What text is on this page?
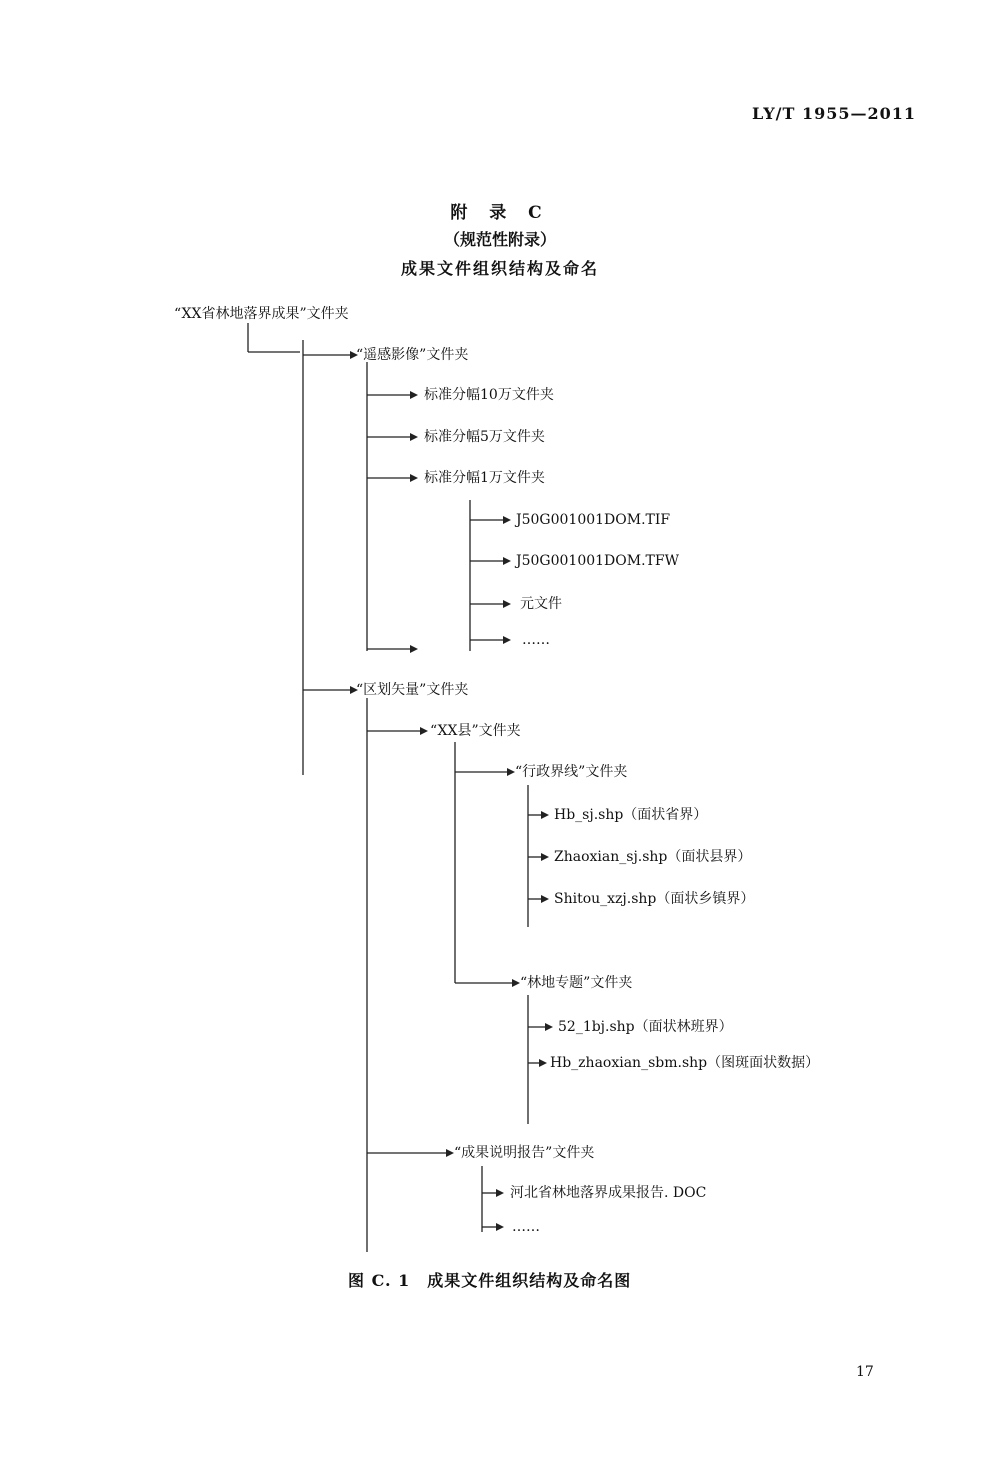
LY/T 1955—2011
附 录 C
（规范性附录）
成果文件组织结构及命名
“XX省林地落界成果”文件夹
“遥感影像”文件夹
标准分幅10万文件夹
标准分幅5万文件夹
标准分幅1万文件夹
J50G001001DOM.TIF
J50G001001DOM.TFW
元文件
……
“区划矢量”文件夹
“XX县”文件夹
“行政界线”文件夹
Hb_sj.shp（面状省界）
Zhaoxian_sj.shp（面状县界）
Shitou_xzj.shp（面状乡镇界）
“林地专题”文件夹
52_1bj.shp（面状林班界）
Hb_zhaoxian_sbm.shp（图斑面状数据）
“成果说明报告”文件夹
河北省林地落界成果报告. DOC
……
图 C. 1　成果文件组织结构及命名图
17
